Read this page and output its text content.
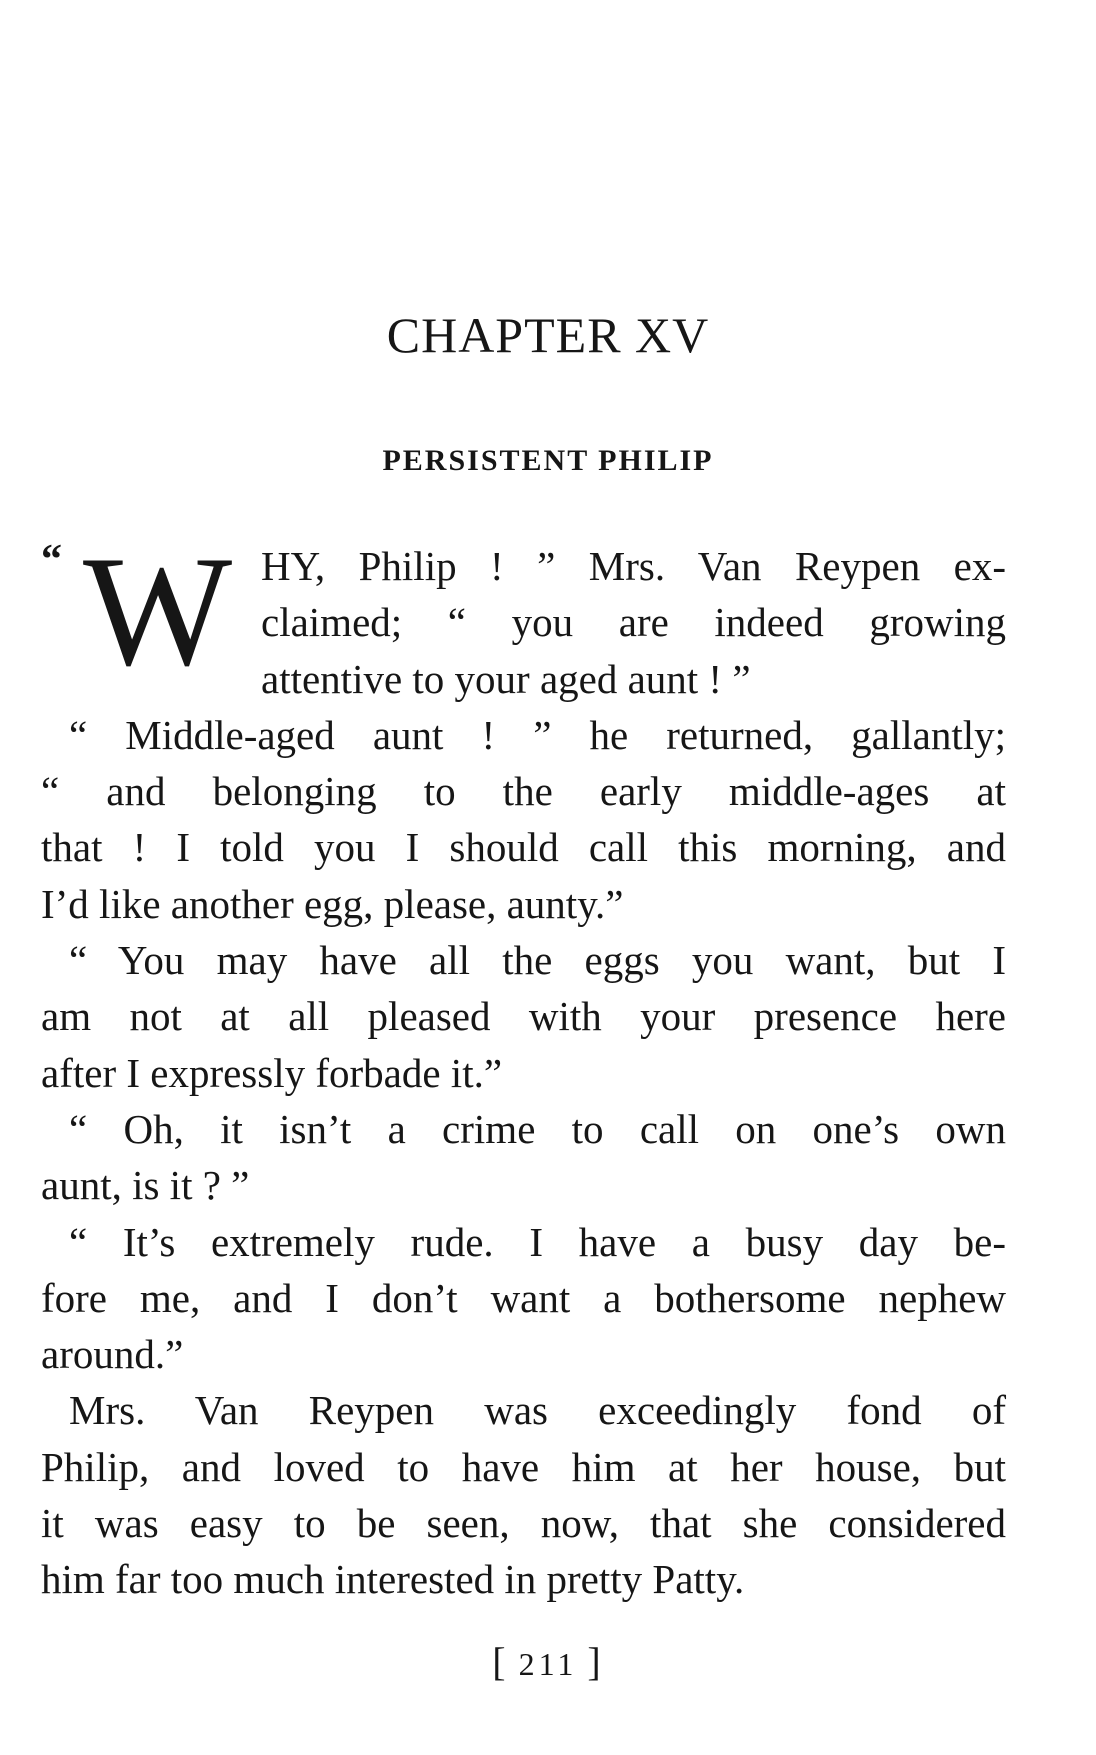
CHAPTER XV
PERSISTENT PHILIP
“ W HY, Philip ! ” Mrs. Van Reypen ex-
claimed; “ you are indeed growing
attentive to your aged aunt ! ”
“ Middle-aged aunt ! ” he returned, gallantly;
“ and belonging to the early middle-ages at
that ! I told you I should call this morning, and
I’d like another egg, please, aunty.”
“ You may have all the eggs you want, but I
am not at all pleased with your presence here
after I expressly forbade it.”
“ Oh, it isn’t a crime to call on one’s own
aunt, is it ? ”
“ It’s extremely rude. I have a busy day be-
fore me, and I don’t want a bothersome nephew
around.”
Mrs. Van Reypen was exceedingly fond of
Philip, and loved to have him at her house, but
it was easy to be seen, now, that she considered
him far too much interested in pretty Patty.
[ 211 ]
